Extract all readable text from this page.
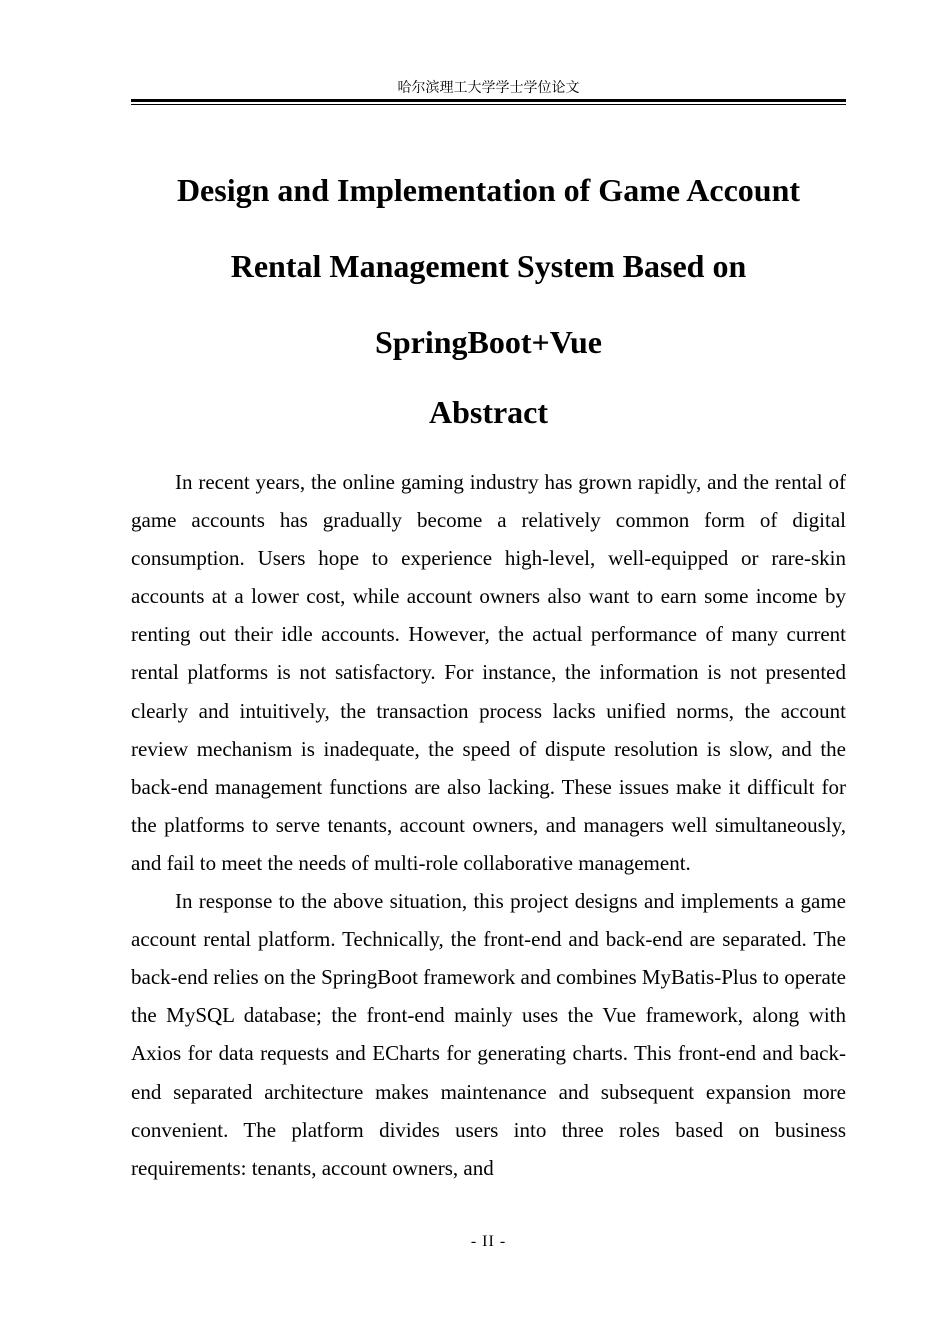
哈尔滨理工大学学士学位论文
Design and Implementation of Game Account
Rental Management System Based on
SpringBoot+Vue
Abstract

In recent years, the online gaming industry has grown rapidly, and the rental of game accounts has gradually become a relatively common form of digital consumption. Users hope to experience high-level, well-equipped or rare-skin accounts at a lower cost, while account owners also want to earn some income by renting out their idle accounts. However, the actual performance of many current rental platforms is not satisfactory. For instance, the information is not presented clearly and intuitively, the transaction process lacks unified norms, the account review mechanism is inadequate, the speed of dispute resolution is slow, and the back-end management functions are also lacking. These issues make it difficult for the platforms to serve tenants, account owners, and managers well simultaneously, and fail to meet the needs of multi-role collaborative management.

In response to the above situation, this project designs and implements a game account rental platform. Technically, the front-end and back-end are separated. The back-end relies on the SpringBoot framework and combines MyBatis-Plus to operate the MySQL database; the front-end mainly uses the Vue framework, along with Axios for data requests and ECharts for generating charts. This front-end and back-end separated architecture makes maintenance and subsequent expansion more convenient. The platform divides users into three roles based on business requirements: tenants, account owners, and

- II -
